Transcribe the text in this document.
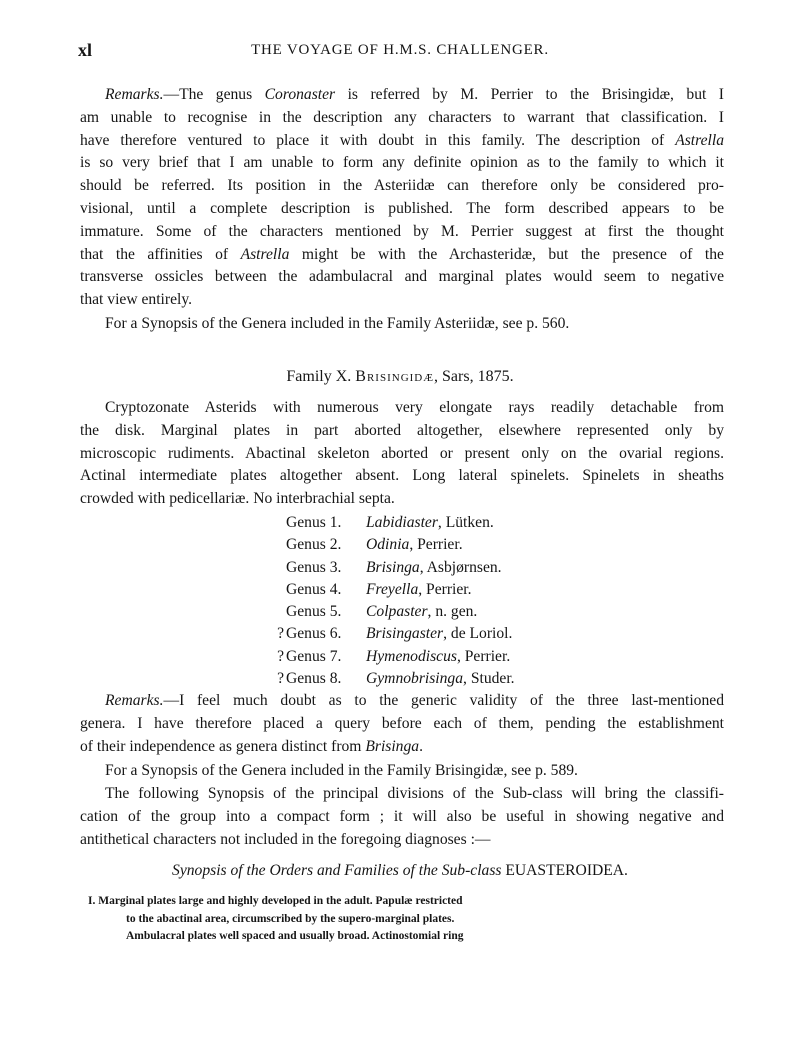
xl	THE VOYAGE OF H.M.S. CHALLENGER.
Remarks.—The genus Coronaster is referred by M. Perrier to the Brisingidæ, but I
am unable to recognise in the description any characters to warrant that classification. I
have therefore ventured to place it with doubt in this family. The description of Astrella
is so very brief that I am unable to form any definite opinion as to the family to which it
should be referred. Its position in the Asteriidæ can therefore only be considered pro-
visional, until a complete description is published. The form described appears to be
immature. Some of the characters mentioned by M. Perrier suggest at first the thought
that the affinities of Astrella might be with the Archasteridæ, but the presence of the
transverse ossicles between the adambulacral and marginal plates would seem to negative
that view entirely.
For a Synopsis of the Genera included in the Family Asteriidæ, see p. 560.
Family X. Brisingidæ, Sars, 1875.
Cryptozonate Asterids with numerous very elongate rays readily detachable from
the disk. Marginal plates in part aborted altogether, elsewhere represented only by
microscopic rudiments. Abactinal skeleton aborted or present only on the ovarial regions.
Actinal intermediate plates altogether absent. Long lateral spinelets. Spinelets in sheaths
crowded with pedicellariæ. No interbrachial septa.
Genus 1. Labidiaster, Lütken.
Genus 2. Odinia, Perrier.
Genus 3. Brisinga, Asbjørnsen.
Genus 4. Freyella, Perrier.
Genus 5. Colpaster, n. gen.
? Genus 6. Brisingaster, de Loriol.
? Genus 7. Hymenodiscus, Perrier.
? Genus 8. Gymnobrisinga, Studer.
Remarks.—I feel much doubt as to the generic validity of the three last-mentioned
genera. I have therefore placed a query before each of them, pending the establishment
of their independence as genera distinct from Brisinga.
For a Synopsis of the Genera included in the Family Brisingidæ, see p. 589.
The following Synopsis of the principal divisions of the Sub-class will bring the classifi-
cation of the group into a compact form ; it will also be useful in showing negative and
antithetical characters not included in the foregoing diagnoses :—
Synopsis of the Orders and Families of the Sub-class EUASTEROIDEA.
I. Marginal plates large and highly developed in the adult. Papulæ restricted
to the abactinal area, circumscribed by the supero-marginal plates.
Ambulacral plates well spaced and usually broad. Actinostomial ring
